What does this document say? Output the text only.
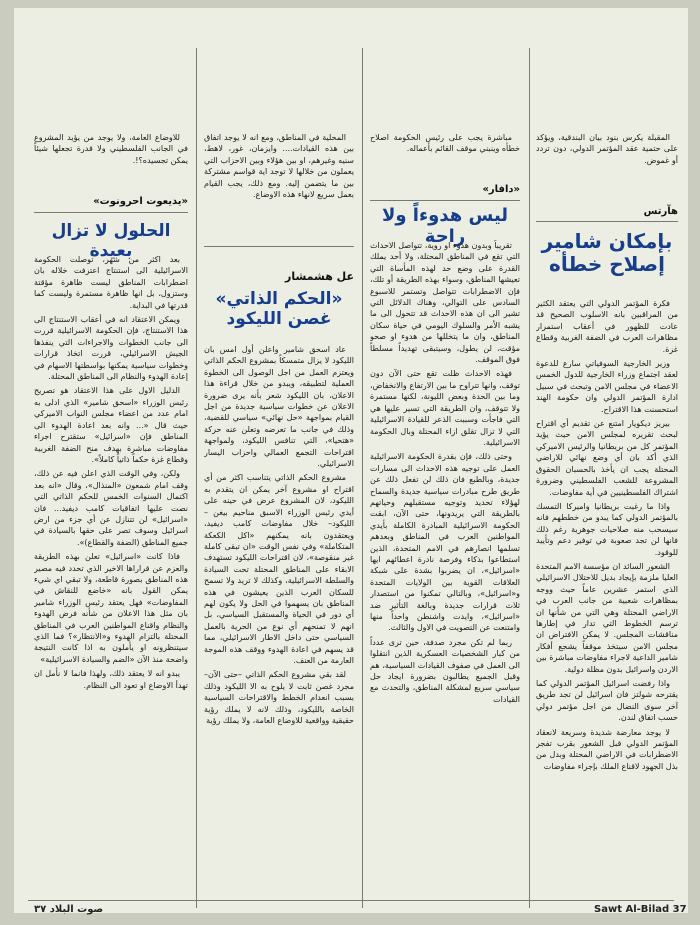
المقبلة يكرس بنود بيان البندقية، ويؤكد على حتمية عقد المؤتمر الدولي، دون تردد أو غموض.

هآرتس
بإمكان شامير إصلاح خطأه

فكرة المؤتمر الدولي التي يعتقد الكثير من المراقبين بانه الاسلوب الصحيح قد عادت للظهور في أعقاب استمرار مظاهرات العرب في الضفة الغربية وقطاع غزة.

وزير الخارجية السوفياتي سارع للدعوة لعقد اجتماع وزراء الخارجية للدول الخمس الاعضاء في مجلس الامن وتبحث في سبيل ادارة المؤتمر الدولي وان حكومة الهند استحسنت هذا الاقتراح.

بيريز ديكويار امتنع عن تقديم أي اقتراح لبحث تقريره لمجلس الامن حيث يؤيد المؤتمر كل من بريطانيا والرئيس الاميركي الذي أكد بان أي وضع نهائي للاراضي المحتلة يجب ان يأخذ بالحسبان الحقوق المشروعة للشعب الفلسطيني وضرورة اشتراك الفلسطينيين في أية مفاوضات.

واذا ما رغبت بريطانيا واميركا التمسك بالمؤتمر الدولي كما يبدو من خططهم فانه سيسحب منه صلاحيات جوهرية رغم ذلك فانها لن تجد صعوبة في توفير دعم وتأييد للوقود.

الشعور السائد ان مؤسسة الامم المتحدة العليا ملزمة بإيجاد بديل للاحتلال الاسرائيلي الذي استمر عشرين عاماً حيث ووجه بمظاهرات شعبية من جانب العرب في الاراضي المحتلة وهي التي من شأنها ان ترسم الخطوط التي تدار في إطارها مناقشات المجلس. لا يمكن الافتراض ان مجلس الامن سيتخذ موقفاً يشجع أفكار شامير الداعية لاجراء مفاوضات مباشرة بين الاردن واسرائيل بدون مظلة دولية.

واذا رفضت اسرائيل المؤتمر الدولي كما يقترحه شولتز فان اسرائيل لن تجد طريق آخر سوى النضال من اجل مؤتمر دولي حسب اتفاق لندن.

لا يوجد معارضة شديدة وسريعة لانعقاد المؤتمر الدولي قبل الشعور بقرب تفجر الاضطرابات في الاراضي المحتلة وبدل من بذل الجهود لاقناع الملك بإجراء مفاوضات

مباشرة يجب على رئيس الحكومة اصلاح خطأه وينبني موقف القائم بأعماله.

«دافار»
ليس هدوءاً ولا راحة

تقريباً وبدون هدوء او روية، تتواصل الاحداث التي تقع في المناطق المحتلة، ولا أحد يملك القدرة على وضع حد لهذه المأساة التي تعيشها المناطق، وسواء بهذه الطريقة أو تلك، فإن الاضطرابات تتواصل وتستمر للاسبوع السادس على التوالي، وهناك الدلائل التي تشير الى ان هذه الاحداث قد تتحول الى ما يشبه الأمر والسلوك اليومي في حياة سكان المناطق، وان ما يتخللها من هدوء او صحو مؤقت، لن يطول، وسيتبقى تهديداً مسلطاً فوق الموقف.

فهذه الاحداث ظلت تقع حتى الآن دون توقف، وانها تتراوح ما بين الارتفاع والانخفاض، وما بين الحدة وبعض الليونة، لكنها مستمرة ولا تتوقف، وان الطريقة التي تسير عليها هي التي فاجأت وسببت الذعر للقيادة الاسرائيلية التي لا تزال تقلق ازاء المحتلة وبال الحكومة الاسرائيلية.

وحتى ذلك، فإن بقدرة الحكومة الاسرائيلية العمل على توجيه هذه الاحداث الى مسارات جديدة، وبالطبع فان ذلك لن تفعل ذلك عن طريق طرح مبادرات سياسية جديدة والسماح لهؤلاء تحديد وتوجيه مستقبلهم وحياتهم بالطريقة التي يريدونها، حتى الآن، ابقت الحكومة الاسرائيلية المبادرة الكاملة بأيدي المواطنين العرب في المناطق وبعدهم تسلمها انصارهم في الامم المتحدة، الذين استطاعوا بذكاء وفرصة نادرة اعطائهم ايها «اسرائيل»، ان يضربوا بشدة على شبكة العلاقات القوية بين الولايات المتحدة و«اسرائيل»، وبالتالي تمكنوا من استصدار ثلاث قرارات جديدة وبالغة التأثير ضد «اسرائيل»، وايدت واشنطن واحداً منها وامتنعت عن التصويت في الاول والثالث.

ربما لم تكن مجرد صدفة، حين ترى عدداً من كبار الشخصيات العسكرية الذين انتقلوا الى العمل في صفوف القيادات السياسية، هم وقبل الجميع يطالبون بضرورة ايجاد حل سياسي سريع لمشكلة المناطق، والتحدث مع القيادات

المحلية في المناطق، ومع انه لا يوجد اتفاق بين هذه القيادات.... وايزمان، غور، لاهط، سنيه وغيرهم، او بين هؤلاء وبين الاحزاب التي يعملون من خلالها لا توجد اية قواسم مشتركة بين ما يتضمن إليه. ومع ذلك، يجب القيام بعمل سريع لانهاء هذه الاوضاع.

عل هشمشار
«الحكم الذاتي» غصن الليكود

عاد اسحق شامير واعلن أول امس بان الليكود لا يزال متمسكاً بمشروع الحكم الذاتي ويعتزم العمل من اجل الوصول الى الخطوة العملية لتطبيقه، ويبدو من خلال قراءة هذا الاعلان، بان الليكود شعر بأنه يرى ضرورة الاعلان عن خطوات سياسية جديدة من اجل القيام بمواجهة «حل نهائي» سياسي للقضية، وذلك في جانب ما تعرضه وتعلن عنه حركة «هتحيا»، التي تنافس الليكود، ولمواجهة اقتراحات التجمع العمالي واحزاب اليسار الاسرائيلي.

مشروع الحكم الذاتي يتناسب اكثر من أي اقتراح او مشروع آخر يمكن ان يتقدم به الليكود، لان المشروع عرض في حينه على أيدي رئيس الوزراء الاسبق مناحيم بيغن –الليكود– خلال مفاوضات كامب ديفيد، ويعتقدون بانه يمكنهم «اكل الكعكة المتكاملة» وفي نفس الوقت «ان تبقى كاملة غير منقوصة»، لان اقتراحات الليكود تستهدف الابقاء على المناطق المحتلة تحت السيادة والسلطة الاسرائيلية، وكذلك لا تريد ولا تسمح للسكان العرب الذين يعيشون في هذه المناطق بان يسهموا في الحل ولا يكون لهم أي دور في الحياة والمستقبل السياسي، بل انهم لا تمنحهم أي نوع من الحرية بالعمل السياسي حتى داخل الاطار الاسرائيلي، مما قد يسهم في اعادة الهدوء ووقف هذه الموجة العارمة من العنف.

لقد بقي مشروع الحكم الذاتي –حتى الآن– مجرد غصن ثابت لا يلوح به الا الليكود وذلك بسبب انعدام الخطط والاقتراحات السياسية الخاصة بالليكود، وذلك لانه لا يملك رؤية حقيقية وواقعية للاوضاع العامة، ولا يملك رؤية

للاوضاع العامة، ولا يوجد من يؤيد المشروع في الجانب الفلسطيني ولا قدرة تجعلها شيئاً يمكن تجسيده؟!.

«يديعوت احرونوت»
الحلول لا تزال بعيدة

بعد اكثر من شهر، توصلت الحكومة الاسرائيلية الى استنتاج اعترفت خلاله بان اضطرابات المناطق ليست ظاهرة مؤقتة وستزول، بل انها ظاهرة مستمرة وليست كما قدرتها في البداية.

ويمكن الاعتقاد انه في أعقاب الاستنتاج الى هذا الاستنتاج، فإن الحكومة الاسرائيلية قررت الى جانب الخطوات والاجراءات التي ينفذها الجيش الاسرائيلي، قررت اتخاذ قرارات وخطوات سياسية يمكنها بواسطتها الاسهام في إعادة الهدوء والنظام الى المناطق المحتلة.

الدليل الاول على هذا الاعتقاد هو تصريح رئيس الوزراء «اسحق شامير» الذي ادلى به امام عدد من اعضاء مجلس النواب الاميركي حيث قال «... وانه بعد اعادة الهدوء الى المناطق فإن «اسرائيل» ستقترح اجراء مفاوضات مباشرة بهدف منح الضفة الغربية وقطاع غزة حكماً ذاتياً كاملاً».

ولكن، وفي الوقت الذي اعلن فيه عن ذلك، وقف امام شمعون «المنذال»، وقال «انه بعد اكتمال السنوات الخمس للحكم الذاتي التي نصت عليها اتفاقيات كامب ديفيد... فان «اسرائيل» لن تتنازل عن أي جزء من ارض اسرائيل وسوف تصر على حقها بالسيادة في جميع المناطق (الضفة والقطاع)».

فاذا كانت «اسرائيل» تعلن بهذه الطريقة والعزم عن قراراها الاخير الذي تحدد فيه مصير هذه المناطق بصورة قاطعة، ولا تبقي اي شيء يمكن القول بانه «خاضع للنقاش في المفاوضات» فهل يعتقد رئيس الوزراء شامير بان مثل هذا الاعلان من شأنه فرض الهدوء والنظام واقناع المواطنين العرب في المناطق المحتلة بالتزام الهدوء و«الانتظار»؟ فما الذي سيتنظرونه او يأملون به اذا كانت النتيجة واضحة منذ الآن «الضم والسيادة الاسرائيلية»

يبدو انه لا يعتقد ذلك، ولهذا فانما لا نأمل ان تهدأ الاوضاع او تعود الى النظام.

Sawt Al-Bilad 37
صوت البلاد ٣٧
